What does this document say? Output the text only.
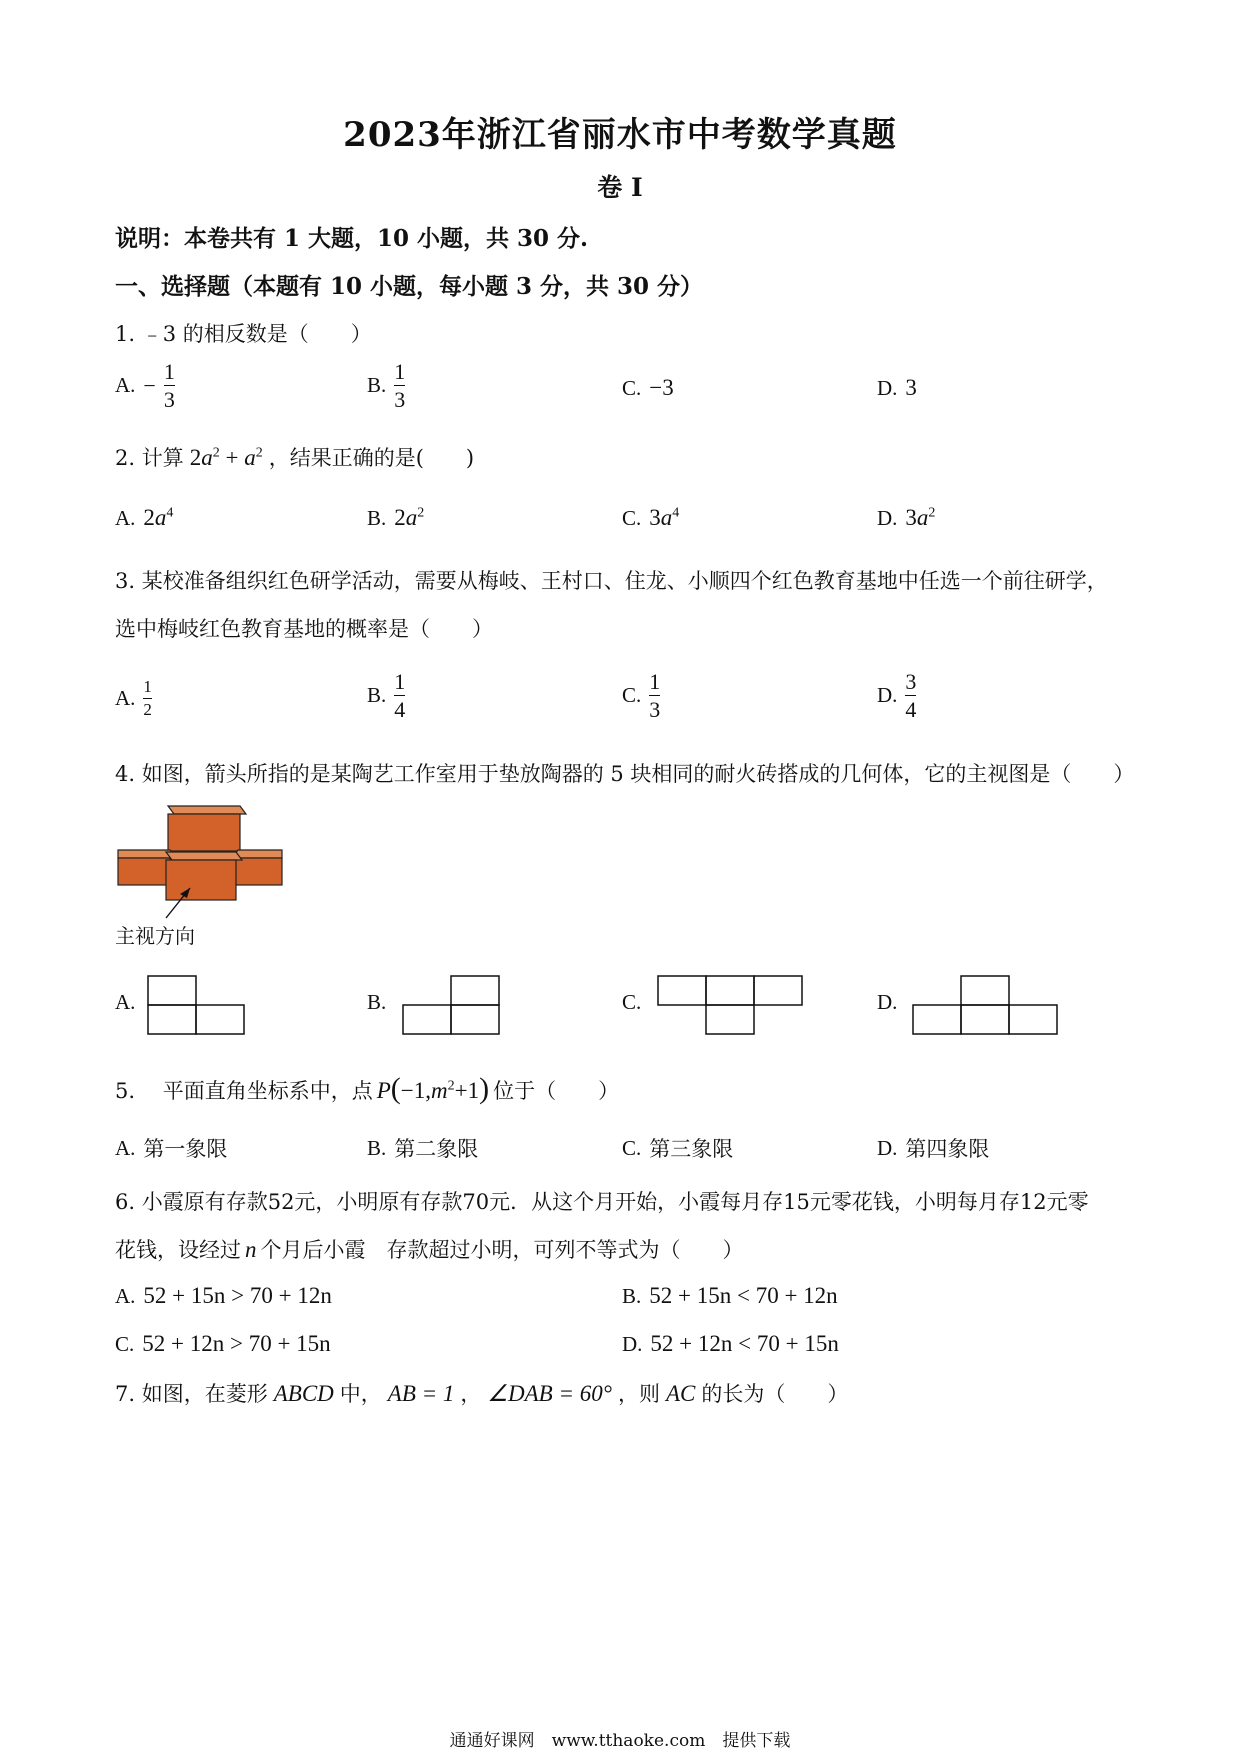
2023年浙江省丽水市中考数学真题
卷 I
说明：本卷共有 1 大题，10 小题，共 30 分.
一、选择题（本题有 10 小题，每小题 3 分，共 30 分）
1. ﹣3 的相反数是（　　）
A. − $\frac{1}{3}$	B. $\frac{1}{3}$	C. −3	D. 3
2. 计算 $2a^2 + a^2$ ，结果正确的是(　　)
A. $2a^4$	B. $2a^2$	C. $3a^4$	D. $3a^2$
3. 某校准备组织红色研学活动，需要从梅岐、王村口、住龙、小顺四个红色教育基地中任选一个前往研学，
选中梅岐红色教育基地的概率是（　　）
A. $\frac{1}{2}$	B. $\frac{1}{4}$	C. $\frac{1}{3}$	D. $\frac{3}{4}$
4. 如图，箭头所指的是某陶艺工作室用于垫放陶器的 5 块相同的耐火砖搭成的几何体，它的主视图是（　　）
主视方向
A.	B.	C.	D.
5.　 平面直角坐标系中，点 $P(-1,m^2+1)$ 位于（　　）
A. 第一象限	B. 第二象限	C. 第三象限	D. 第四象限
6. 小霞原有存款52元，小明原有存款70元．从这个月开始，小霞每月存15元零花钱，小明每月存12元零
花钱，设经过 n 个月后小霞　存款超过小明，可列不等式为（　　）
A. 52 + 15n > 70 + 12n	B. 52 + 15n < 70 + 12n
C. 52 + 12n > 70 + 15n	D. 52 + 12n < 70 + 15n
7. 如图，在菱形 ABCD 中， AB = 1 ， ∠DAB = 60° ，则 AC 的长为（　　）
通通好课网　www.tthaoke.com　提供下载
